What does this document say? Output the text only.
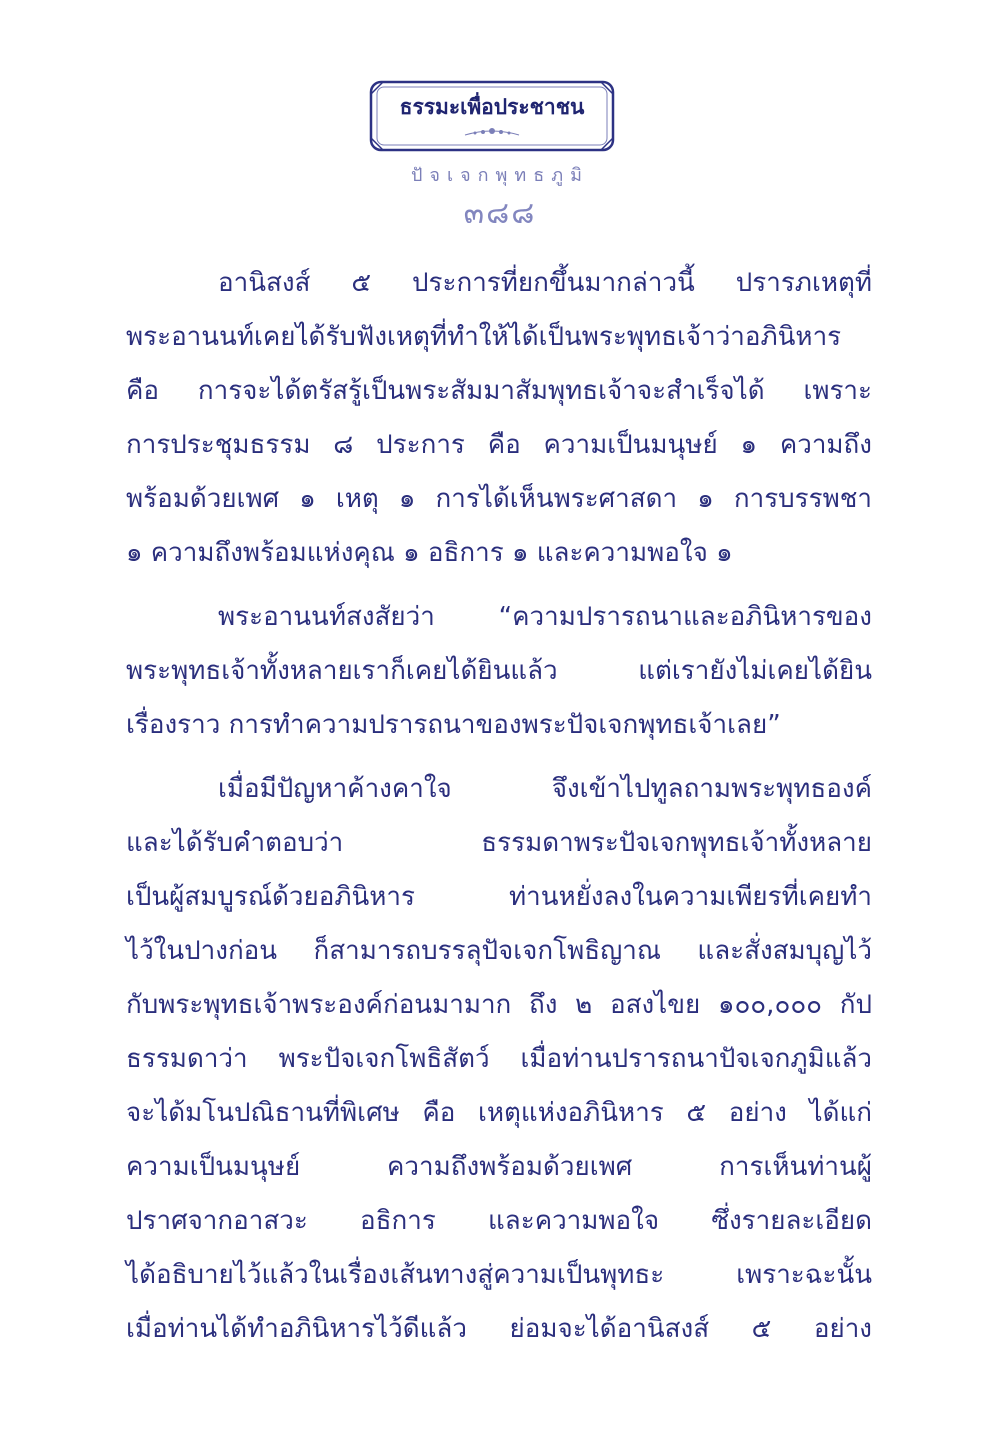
ธรรมะเพื่อประชาชน
ปัจเจกพุทธภูมิ
๓๘๘
อานิสงส์ ๕ ประการที่ยกขึ้นมากล่าวนี้ ปรารภเหตุที่
พระอานนท์เคยได้รับฟังเหตุที่ทำให้ได้เป็นพระพุทธเจ้าว่าอภินิหาร
คือ การจะได้ตรัสรู้เป็นพระสัมมาสัมพุทธเจ้าจะสำเร็จได้ เพราะ
การประชุมธรรม ๘ ประการ คือ ความเป็นมนุษย์ ๑ ความถึง
พร้อมด้วยเพศ ๑ เหตุ ๑ การได้เห็นพระศาสดา ๑ การบรรพชา
๑ ความถึงพร้อมแห่งคุณ ๑ อธิการ ๑ และความพอใจ ๑
พระอานนท์สงสัยว่า “ความปรารถนาและอภินิหารของ
พระพุทธเจ้าทั้งหลายเราก็เคยได้ยินแล้ว แต่เรายังไม่เคยได้ยิน
เรื่องราว การทำความปรารถนาของพระปัจเจกพุทธเจ้าเลย”
เมื่อมีปัญหาค้างคาใจ จึงเข้าไปทูลถามพระพุทธองค์
และได้รับคำตอบว่า ธรรมดาพระปัจเจกพุทธเจ้าทั้งหลาย
เป็นผู้สมบูรณ์ด้วยอภินิหาร ท่านหยั่งลงในความเพียรที่เคยทำ
ไว้ในปางก่อน ก็สามารถบรรลุปัจเจกโพธิญาณ และสั่งสมบุญไว้
กับพระพุทธเจ้าพระองค์ก่อนมามาก ถึง ๒ อสงไขย ๑๐๐,๐๐๐ กัป
ธรรมดาว่า พระปัจเจกโพธิสัตว์ เมื่อท่านปรารถนาปัจเจกภูมิแล้ว
จะได้มโนปณิธานที่พิเศษ คือ เหตุแห่งอภินิหาร ๕ อย่าง ได้แก่
ความเป็นมนุษย์ ความถึงพร้อมด้วยเพศ การเห็นท่านผู้
ปราศจากอาสวะ อธิการ และความพอใจ ซึ่งรายละเอียด
ได้อธิบายไว้แล้วในเรื่องเส้นทางสู่ความเป็นพุทธะ เพราะฉะนั้น
เมื่อท่านได้ทำอภินิหารไว้ดีแล้ว ย่อมจะได้อานิสงส์ ๕ อย่าง
